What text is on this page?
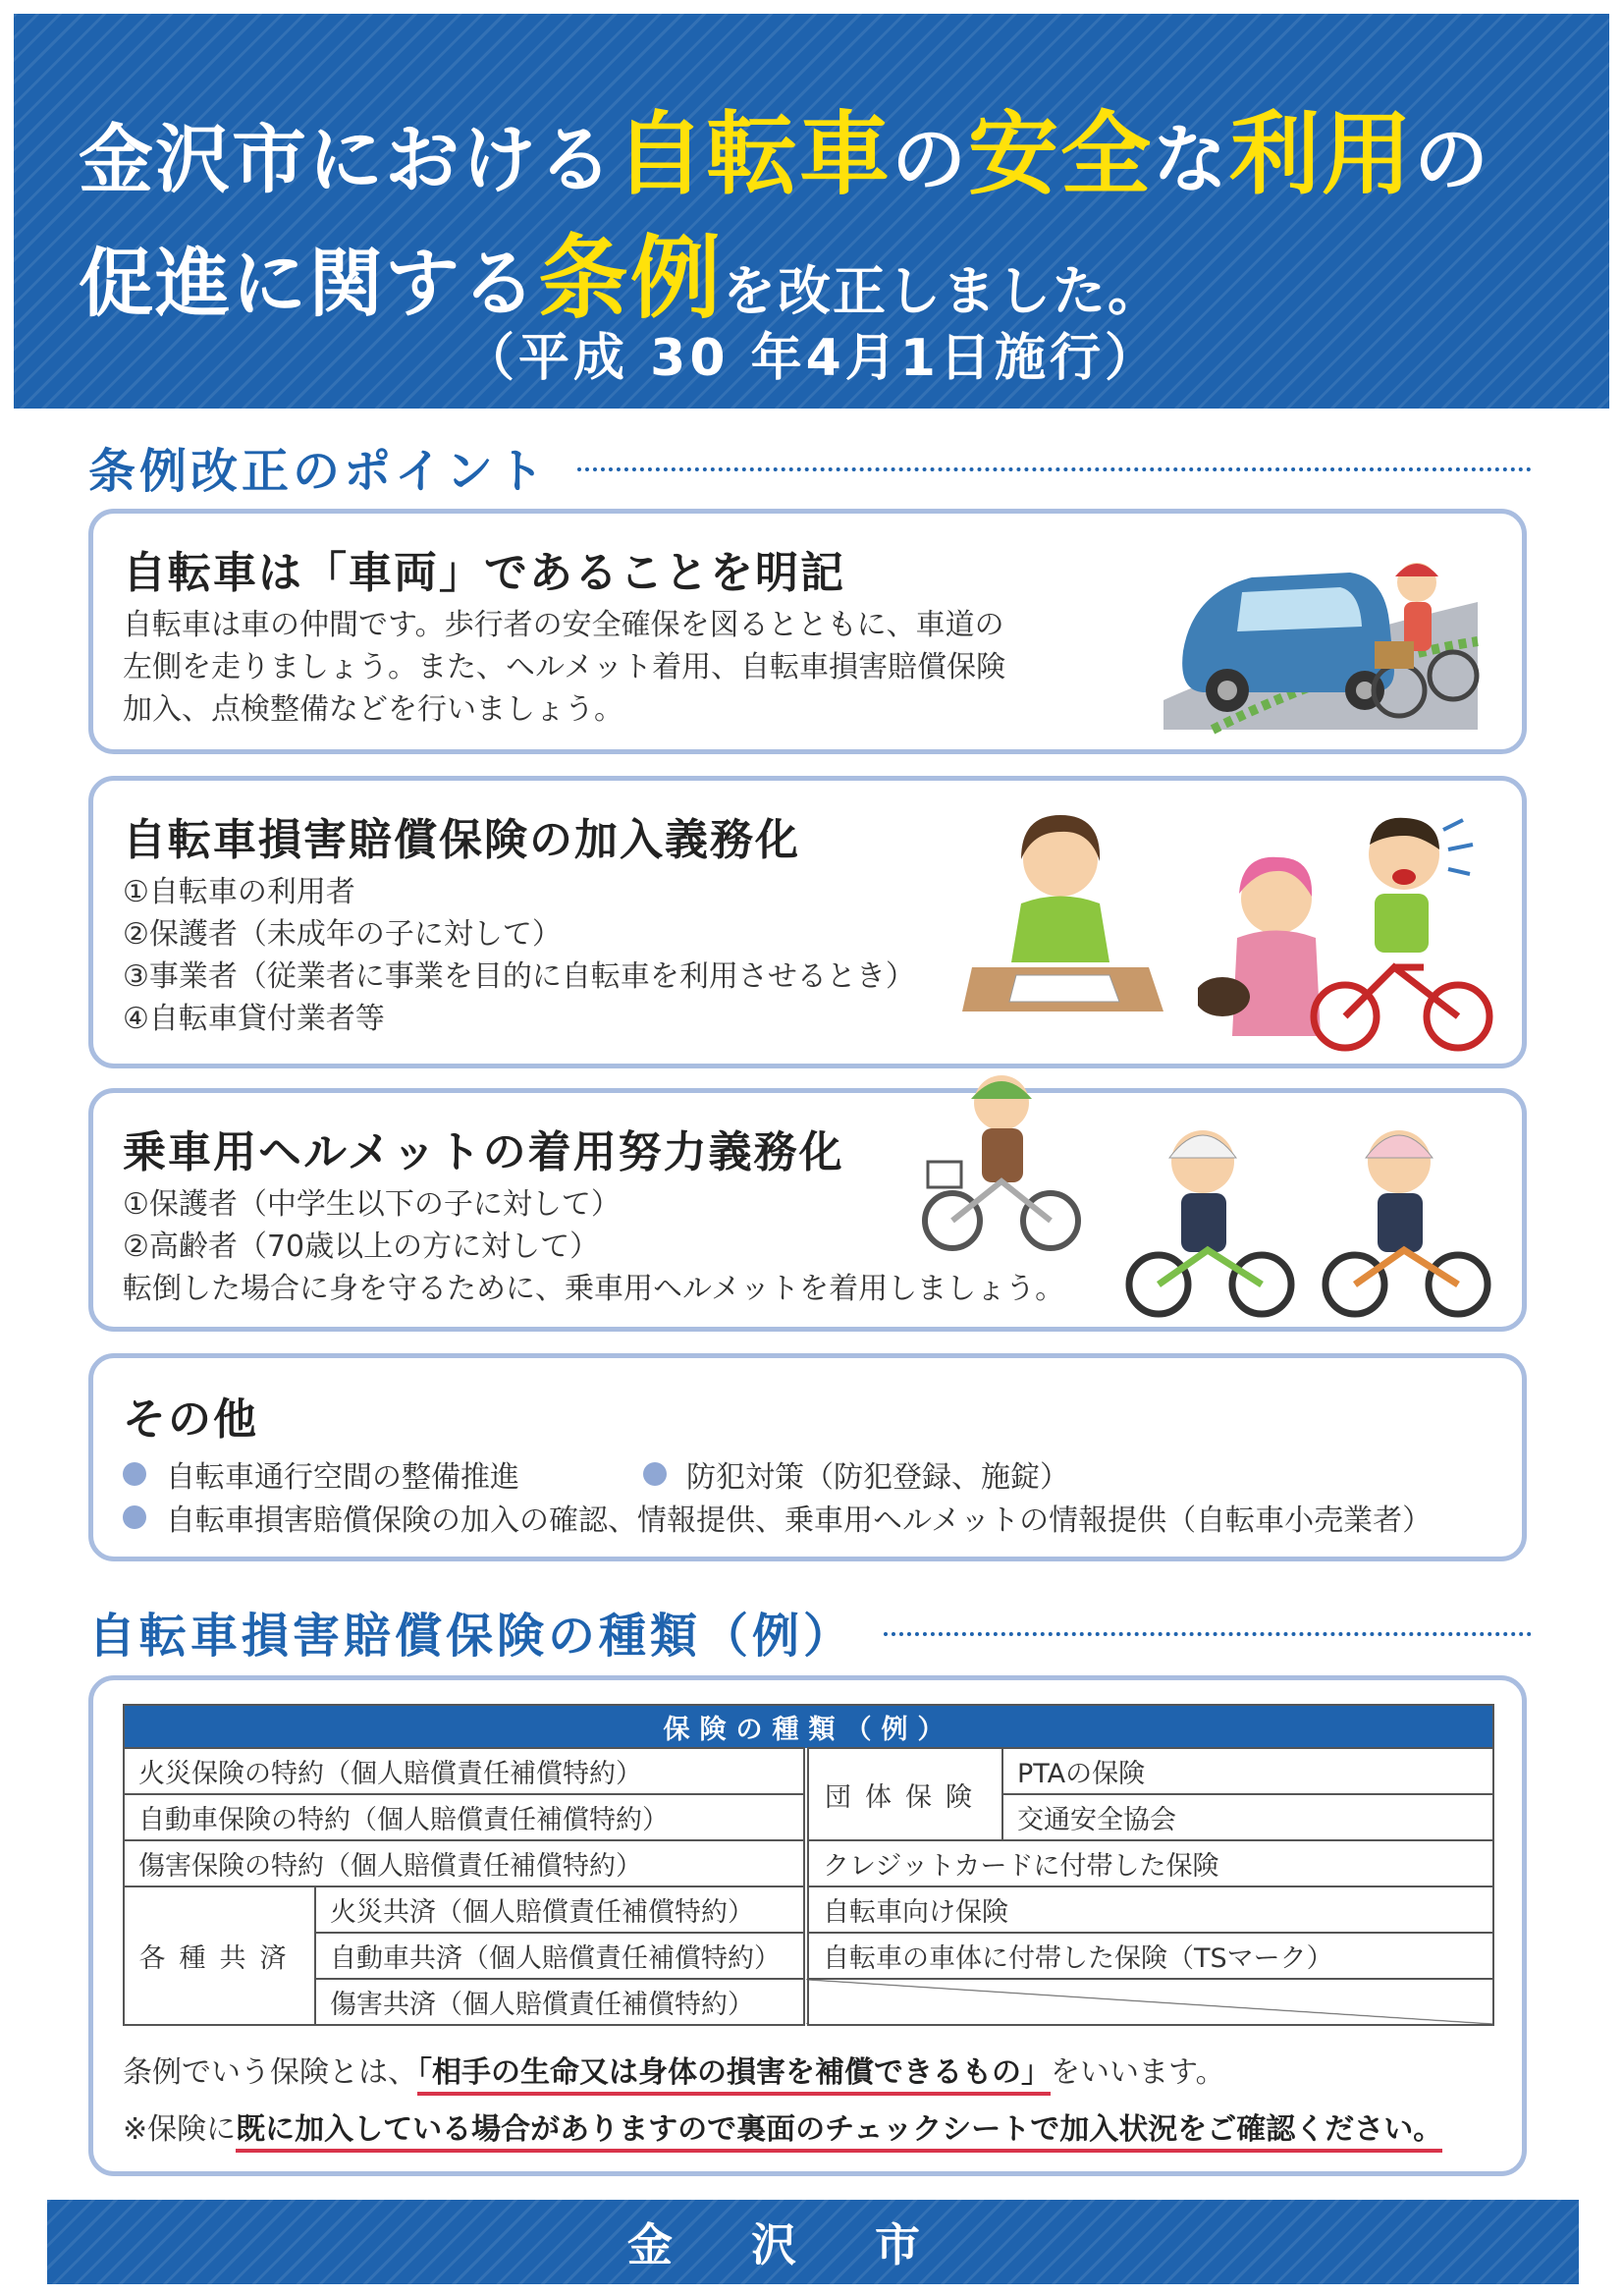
金沢市における自転車の安全な利用の
促進に関する条例を改正しました。
（平成 30 年4月1日施行）
条例改正のポイント
自転車は「車両」であることを明記
自転車は車の仲間です。歩行者の安全確保を図るとともに、車道の
左側を走りましょう。また、ヘルメット着用、自転車損害賠償保険
加入、点検整備などを行いましょう。
自転車損害賠償保険の加入義務化
①自転車の利用者
②保護者（未成年の子に対して）
③事業者（従業者に事業を目的に自転車を利用させるとき）
④自転車貸付業者等
乗車用ヘルメットの着用努力義務化
①保護者（中学生以下の子に対して）
②高齢者（70歳以上の方に対して）
転倒した場合に身を守るために、乗車用ヘルメットを着用しましょう。
その他
自転車通行空間の整備推進	防犯対策（防犯登録、施錠）
自転車損害賠償保険の加入の確認、情報提供、乗車用ヘルメットの情報提供（自転車小売業者）
自転車損害賠償保険の種類（例）
保険の種類（例）			
火災保険の特約（個人賠償責任補償特約）		団体保険	PTAの保険
自動車保険の特約（個人賠償責任補償特約）			交通安全協会
傷害保険の特約（個人賠償責任補償特約）		クレジットカードに付帯した保険	
各種共済	火災共済（個人賠償責任補償特約）	自転車向け保険	
	自動車共済（個人賠償責任補償特約）	自転車の車体に付帯した保険（TSマーク）	
	傷害共済（個人賠償責任補償特約）		
条例でいう保険とは、「相手の生命又は身体の損害を補償できるもの」をいいます。
※保険に既に加入している場合がありますので裏面のチェックシートで加入状況をご確認ください。
金沢市
